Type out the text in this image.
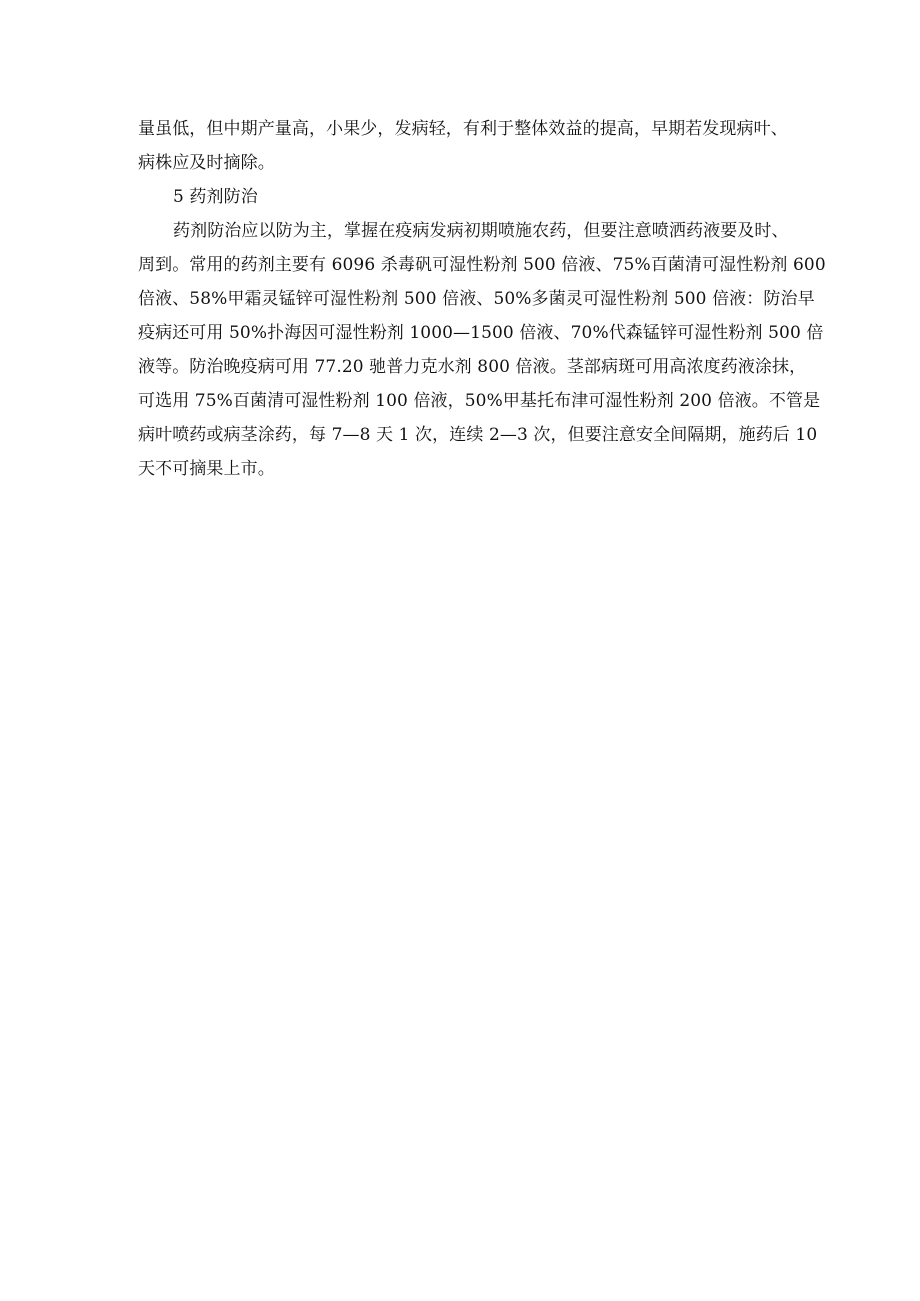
量虽低，但中期产量高，小果少，发病轻，有利于整体效益的提高，早期若发现病叶、
病株应及时摘除。
5 药剂防治
药剂防治应以防为主，掌握在疫病发病初期喷施农药，但要注意喷洒药液要及时、
周到。常用的药剂主要有 6096 杀毒矾可湿性粉剂 500 倍液、75%百菌清可湿性粉剂 600
倍液、58%甲霜灵锰锌可湿性粉剂 500 倍液、50%多菌灵可湿性粉剂 500 倍液：防治早
疫病还可用 50%扑海因可湿性粉剂 1000—1500 倍液、70%代森锰锌可湿性粉剂 500 倍
液等。防治晚疫病可用 77.20 驰普力克水剂 800 倍液。茎部病斑可用高浓度药液涂抹，
可选用 75%百菌清可湿性粉剂 100 倍液，50%甲基托布津可湿性粉剂 200 倍液。不管是
病叶喷药或病茎涂药，每 7—8 天 1 次，连续 2—3 次，但要注意安全间隔期，施药后 10
天不可摘果上市。
